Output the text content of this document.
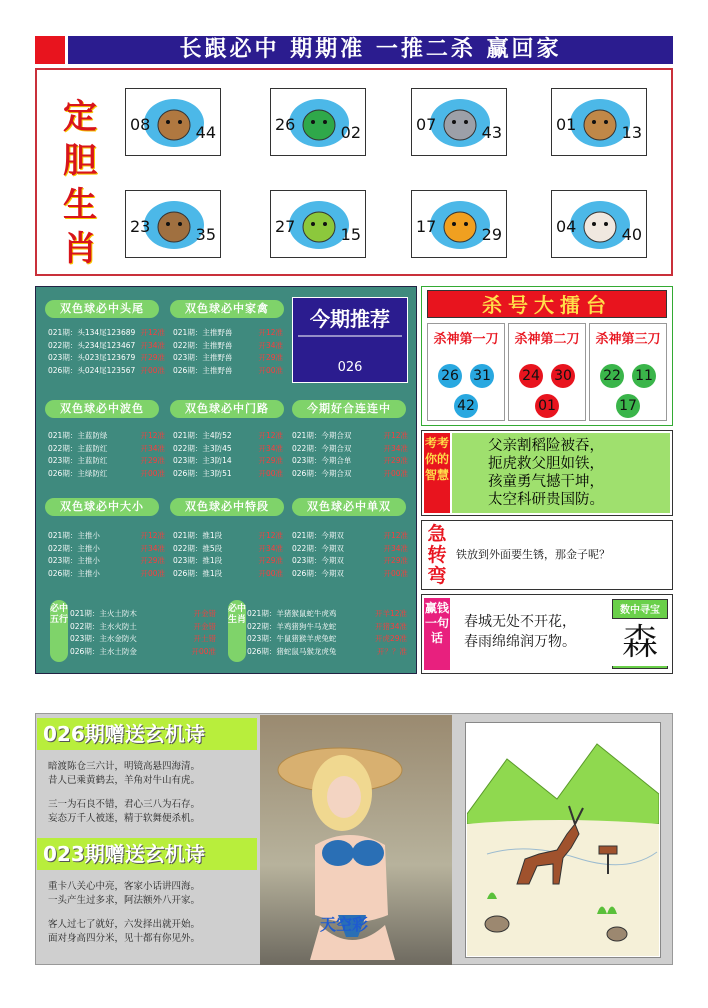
长跟必中 期期准 一推二杀 赢回家
定
胆
生
肖
08	44	26	02	07	43	01	13
23	35	27	15	17	29	04	40
双色球必中头尾
021期：头134尾123689 开12准
022期：头234尾123467 开34准
023期：头023尾123679 开29准
026期：头024尾123567 开00准
双色球必中家禽
021期：主推野兽	开12准
022期：主推野兽	开34准
023期：主推野兽	开29准
026期：主推野兽	开00准
双色球必中波色
021期：主蓝防绿	开12准
022期：主蓝防红	开34准
023期：主蓝防红	开29准
026期：主绿防红	开00准
双色球必中门路
021期：主4防52	开12准
022期：主3防45	开34准
023期：主3防14	开29准
026期：主3防51	开00准
今期好合连连中
021期：今期合双	开12准
022期：今期合双	开34准
023期：今期合单	开29准
026期：今期合双	开00准
双色球必中大小
021期：主推小	开12准
022期：主推小	开34准
023期：主推小	开29准
026期：主推小	开00准
双色球必中特段
021期：推1段	开12准
022期：推5段	开34准
023期：推1段	开29准
026期：推1段	开00准
双色球必中单双
021期：今期双	开12准
022期：今期双	开34准
023期：今期双	开29准
026期：今期双	开00准
必中五行
021期：主火土防木	开金错
022期：主水火防土	开金错
023期：主水金防火	开土错
026期：主水土防金	开00准
必中生肖
021期：羊猪猴鼠蛇牛虎鸡	开羊12准
022期：羊鸡猪狗牛马龙蛇	开猪34准
023期：牛鼠猪猴羊虎兔蛇	开虎29准
026期：猪蛇鼠马猴龙虎兔	开？？准
今期推荐
026
杀号大擂台
杀神第一刀
26 31
42
杀神第二刀
24 30
01
杀神第三刀
22 11
17
考考你的智慧
父亲割稻险被吞，
扼虎救父胆如铁，
孩童勇气撼干坤，
太空科研贵国防。
急转弯
铁放到外面要生锈，那金子呢？
赢钱一句话
春城无处不开花，
春雨绵绵润万物。
数中寻宝
森
026期赠送玄机诗
暗渡陈仓三六计，明镜高悬四海清。
昔人已乘黄鹤去，羊角对牛山有虎。
三一为石良不错，君心三八为石存。
妄态万千人被迷，精于软舞便杀机。
023期赠送玄机诗
重卡八关心中亮，客家小话讲四海。
一头产生过多求，阿法额外八开家。
客人过七了就好，六发择出就开始。
面对身高四分米，见十都有你见外。
天空彩
